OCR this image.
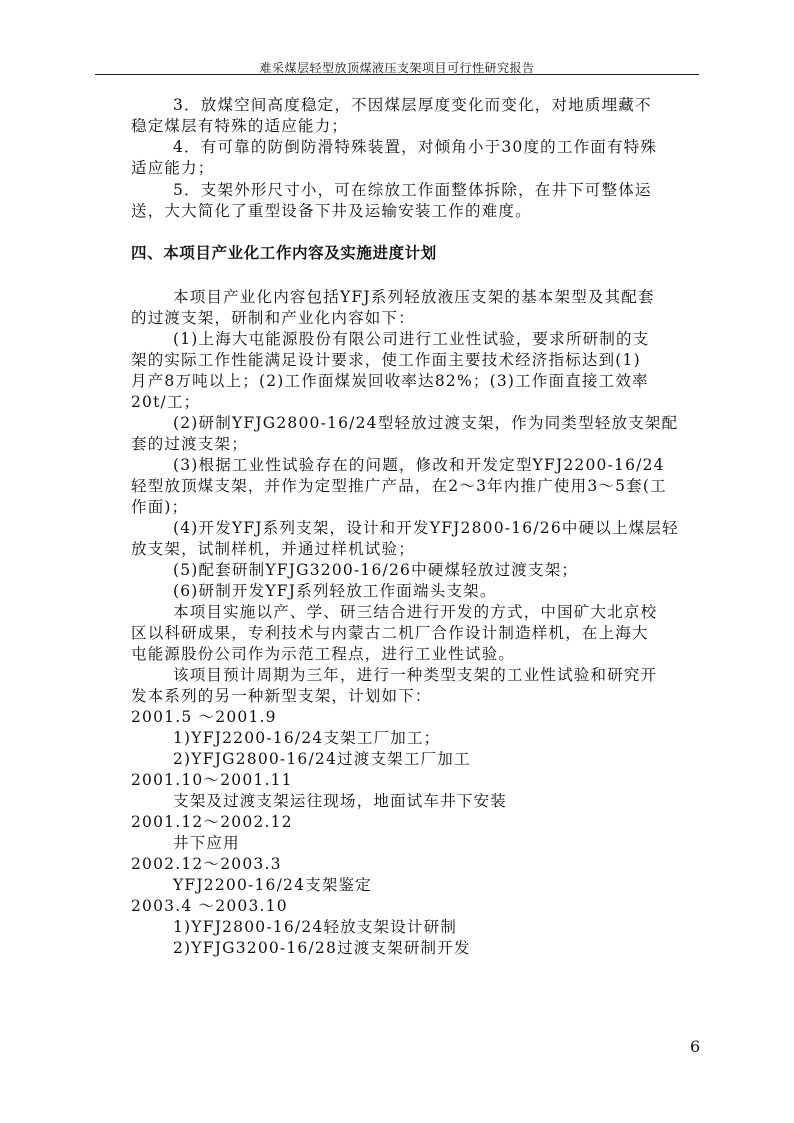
难采煤层轻型放顶煤液压支架项目可行性研究报告
3．放煤空间高度稳定，不因煤层厚度变化而变化，对地质埋藏不
稳定煤层有特殊的适应能力；
4．有可靠的防倒防滑特殊装置，对倾角小于30度的工作面有特殊
适应能力；
5．支架外形尺寸小，可在综放工作面整体拆除，在井下可整体运
送，大大简化了重型设备下井及运输安装工作的难度。
四、本项目产业化工作内容及实施进度计划
本项目产业化内容包括YFJ系列轻放液压支架的基本架型及其配套
的过渡支架，研制和产业化内容如下：
(1)上海大屯能源股份有限公司进行工业性试验，要求所研制的支
架的实际工作性能满足设计要求，使工作面主要技术经济指标达到(1)
月产8万吨以上；(2)工作面煤炭回收率达82%；(3)工作面直接工效率
20t/工；
(2)研制YFJG2800-16/24型轻放过渡支架，作为同类型轻放支架配
套的过渡支架；
(3)根据工业性试验存在的问题，修改和开发定型YFJ2200-16/24
轻型放顶煤支架，并作为定型推广产品，在2～3年内推广使用3～5套(工
作面)；
(4)开发YFJ系列支架，设计和开发YFJ2800-16/26中硬以上煤层轻
放支架，试制样机，并通过样机试验；
(5)配套研制YFJG3200-16/26中硬煤轻放过渡支架；
(6)研制开发YFJ系列轻放工作面端头支架。
本项目实施以产、学、研三结合进行开发的方式，中国矿大北京校
区以科研成果，专利技术与内蒙古二机厂合作设计制造样机，在上海大
屯能源股份公司作为示范工程点，进行工业性试验。
该项目预计周期为三年，进行一种类型支架的工业性试验和研究开
发本系列的另一种新型支架，计划如下：
2001.5 ～2001.9
1)YFJ2200-16/24支架工厂加工；
2)YFJG2800-16/24过渡支架工厂加工
2001.10～2001.11
支架及过渡支架运往现场，地面试车井下安装
2001.12～2002.12
井下应用
2002.12～2003.3
YFJ2200-16/24支架鉴定
2003.4 ～2003.10
1)YFJ2800-16/24轻放支架设计研制
2)YFJG3200-16/28过渡支架研制开发
6
